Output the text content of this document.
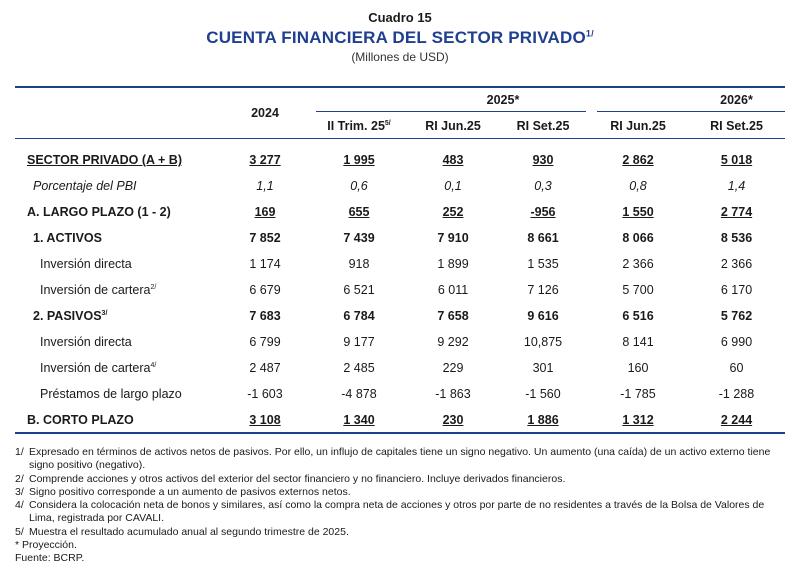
Cuadro 15
CUENTA FINANCIERA DEL SECTOR $PRIVADO^{1/}$
(Millones de USD)
	2024	2025*				2026*
		II Trim. $25^{5/}$	RI Jun.25	RI Set.25	RI Jun.25	RI Set.25

SECTOR PRIVADO (A + B)	3 277	1 995	483	930	2 862	5 018
Porcentaje del PBI	1,1	0,6	0,1	0,3	0,8	1,4
A. LARGO PLAZO (1 - 2)	169	655	252	-956	1 550	2 774
1. ACTIVOS	7 852	7 439	7 910	8 661	8 066	8 536
Inversión directa	1 174	918	1 899	1 535	2 366	2 366
Inversión de cartera$^{2/}$	6 679	6 521	6 011	7 126	5 700	6 170
2. $PASIVOS^{3/}$	7 683	6 784	7 658	9 616	6 516	5 762
Inversión directa	6 799	9 177	9 292	10,875	8 141	6 990
Inversión de cartera$^{4/}$	2 487	2 485	229	301	160	60
Préstamos de largo plazo	-1 603	-4 878	-1 863	-1 560	-1 785	-1 288
B. CORTO PLAZO	3 108	1 340	230	1 886	1 312	2 244
1/ Expresado en términos de activos netos de pasivos. Por ello, un influjo de capitales tiene un signo negativo. Un aumento (una caída) de un activo externo tiene signo positivo (negativo).
2/ Comprende acciones y otros activos del exterior del sector financiero y no financiero. Incluye derivados financieros.
3/ Signo positivo corresponde a un aumento de pasivos externos netos.
4/ Considera la colocación neta de bonos y similares, así como la compra neta de acciones y otros por parte de no residentes a través de la Bolsa de Valores de Lima, registrada por CAVALI.
5/ Muestra el resultado acumulado anual al segundo trimestre de 2025.
* Proyección.
Fuente: BCRP.
